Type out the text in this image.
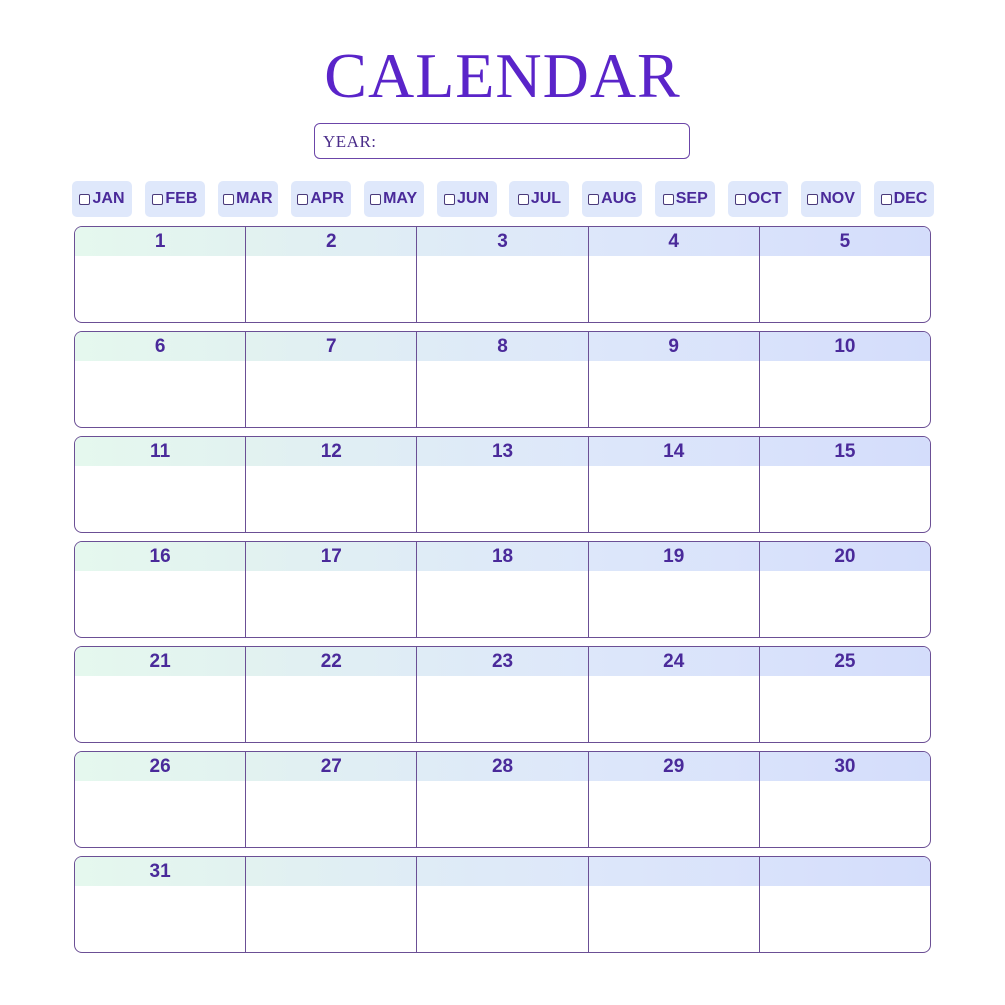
CALENDAR
YEAR:
JAN	FEB MAR APR MAY JUN	JUL	AUG SEP	OCT NOV DEC
1	2	3	4	5
6	7	8	9	10
11	12	13	14	15
16	17	18	19	20
21	22	23	24	25
26	27	28	29	30
31
